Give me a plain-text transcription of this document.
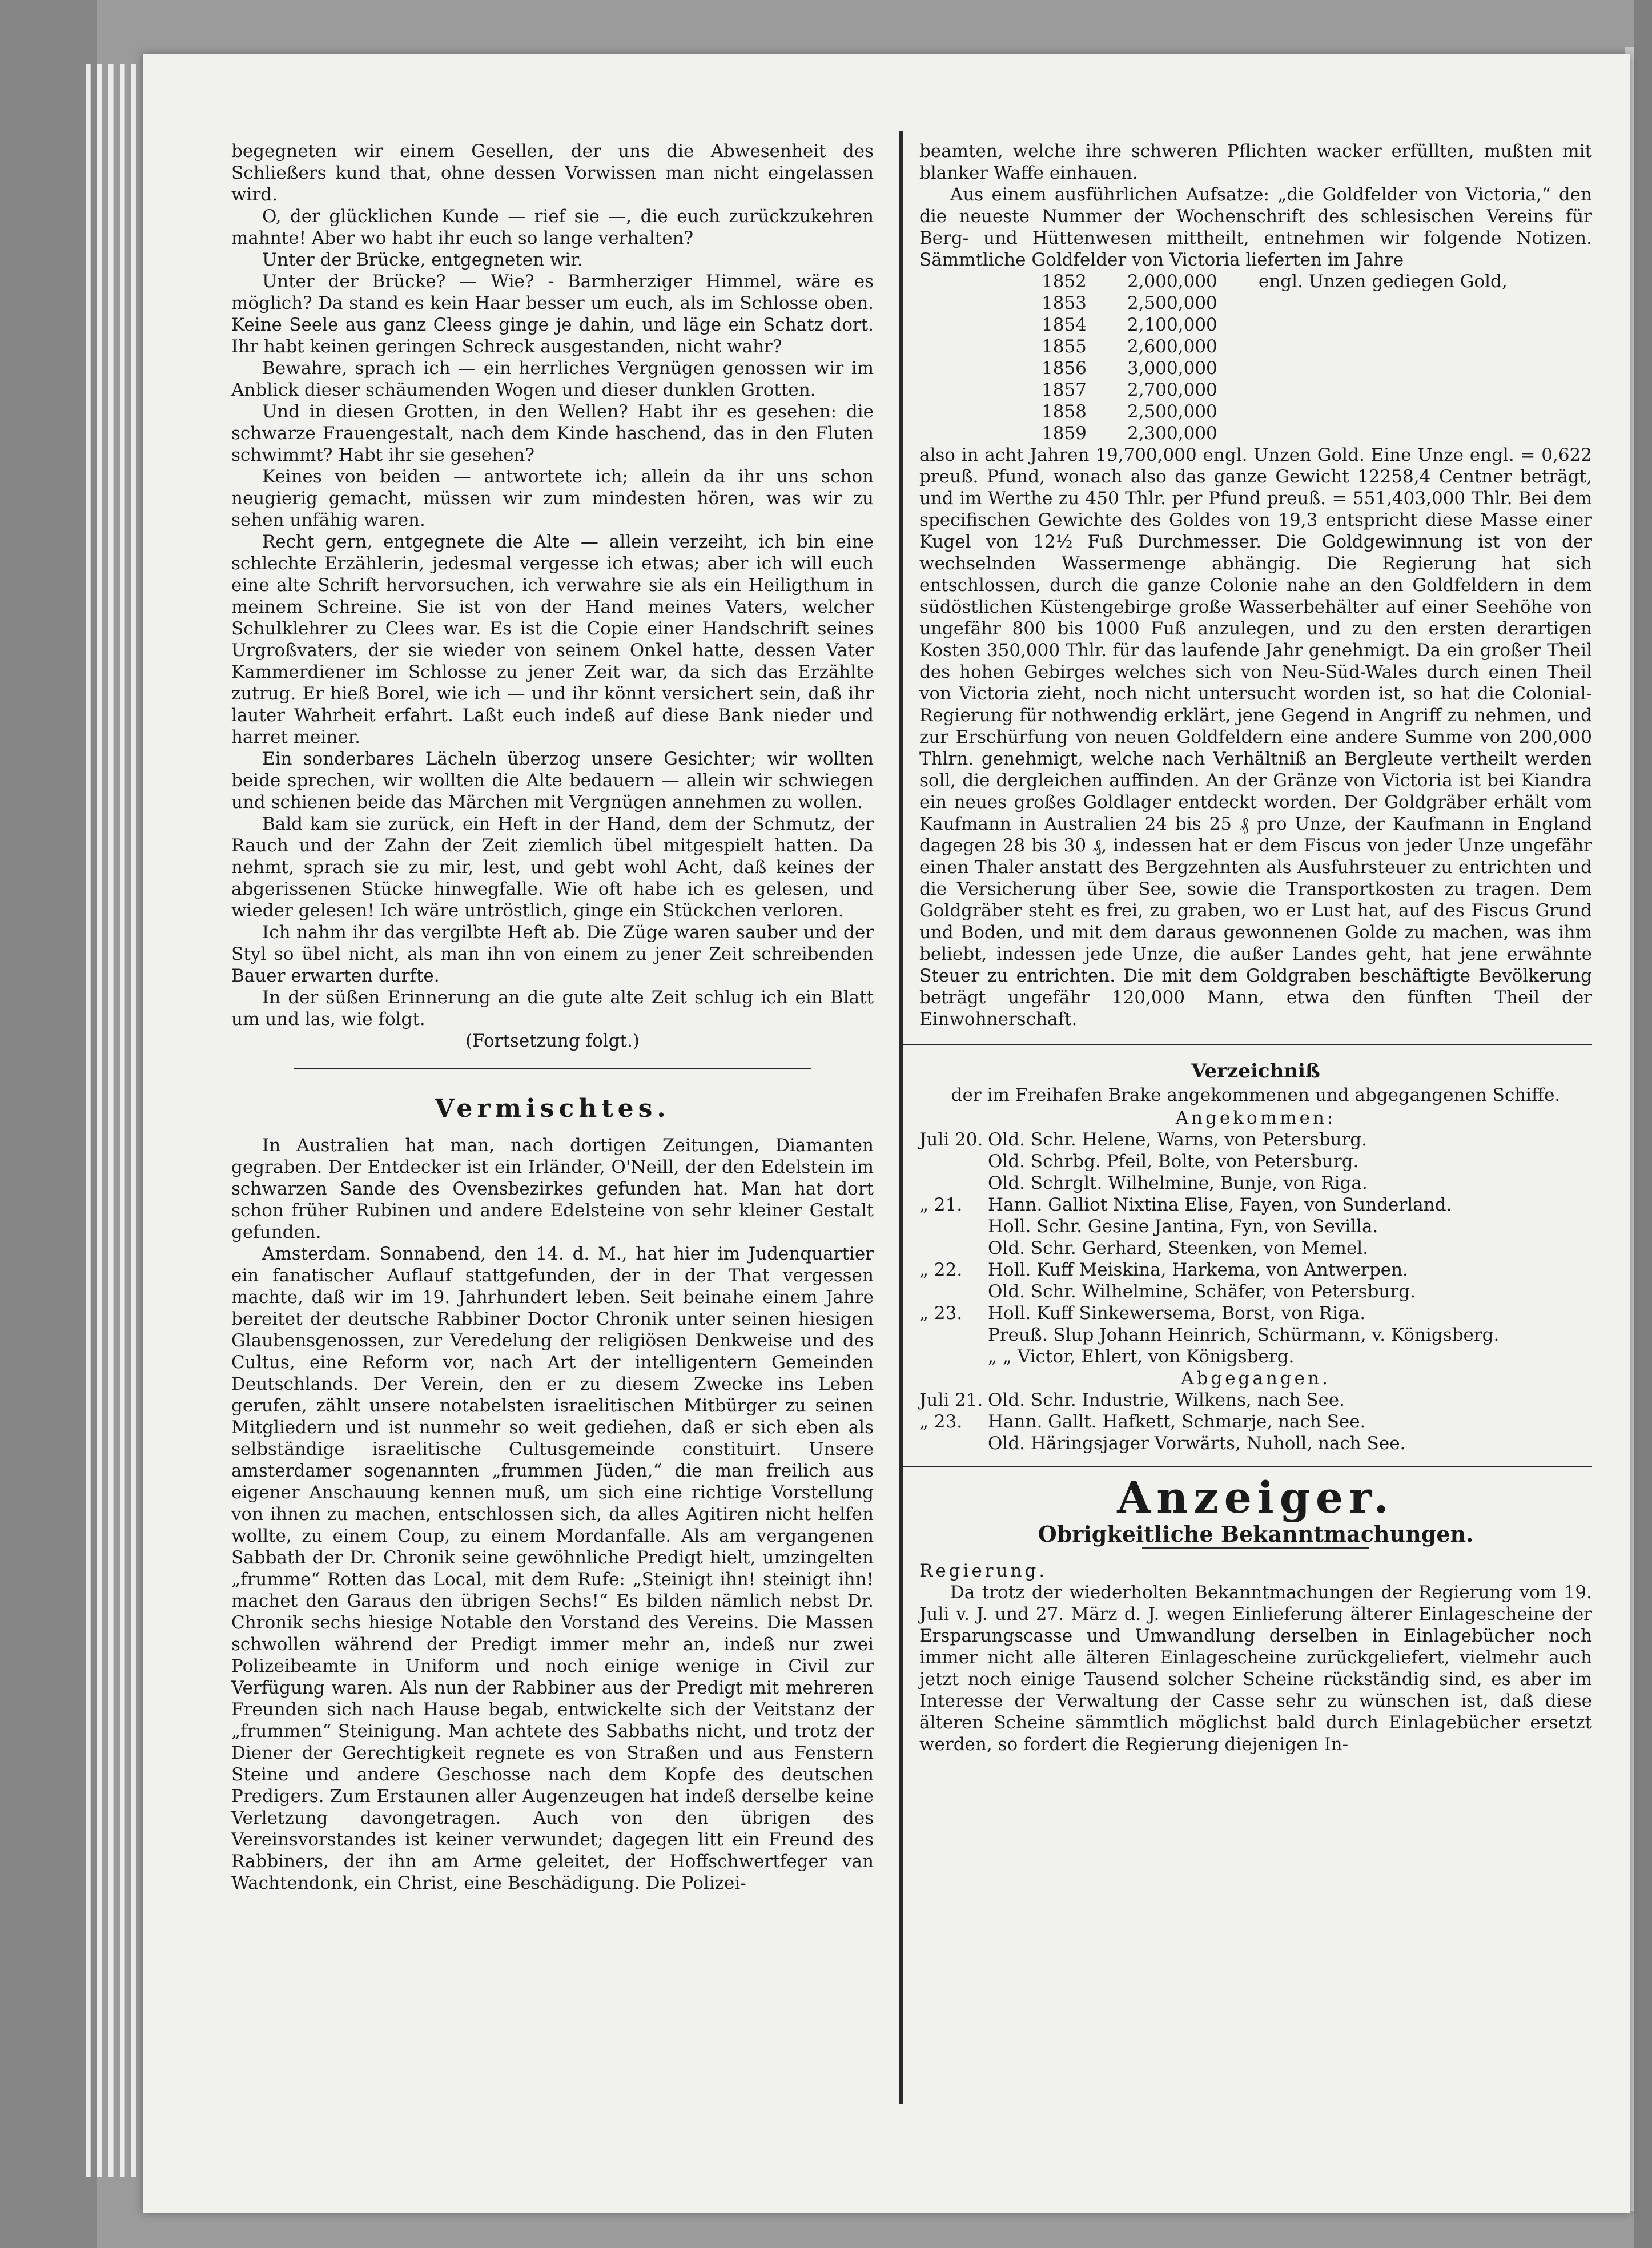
begegneten wir einem Gesellen, der uns die Abwesenheit des Schließers kund that, ohne dessen Vorwissen man nicht eingelassen wird.

O, der glücklichen Kunde — rief sie —, die euch zurückzukehren mahnte! Aber wo habt ihr euch so lange verhalten?

Unter der Brücke, entgegneten wir.

Unter der Brücke? — Wie? - Barmherziger Himmel, wäre es möglich? Da stand es kein Haar besser um euch, als im Schlosse oben. Keine Seele aus ganz Cleess ginge je dahin, und läge ein Schatz dort. Ihr habt keinen geringen Schreck ausgestanden, nicht wahr?

Bewahre, sprach ich — ein herrliches Vergnügen genossen wir im Anblick dieser schäumenden Wogen und dieser dunklen Grotten.

Und in diesen Grotten, in den Wellen? Habt ihr es gesehen: die schwarze Frauengestalt, nach dem Kinde haschend, das in den Fluten schwimmt? Habt ihr sie gesehen?

Keines von beiden — antwortete ich; allein da ihr uns schon neugierig gemacht, müssen wir zum mindesten hören, was wir zu sehen unfähig waren.

Recht gern, entgegnete die Alte — allein verzeiht, ich bin eine schlechte Erzählerin, jedesmal vergesse ich etwas; aber ich will euch eine alte Schrift hervorsuchen, ich verwahre sie als ein Heiligthum in meinem Schreine. Sie ist von der Hand meines Vaters, welcher Schulklehrer zu Clees war. Es ist die Copie einer Handschrift seines Urgroßvaters, der sie wieder von seinem Onkel hatte, dessen Vater Kammerdiener im Schlosse zu jener Zeit war, da sich das Erzählte zutrug. Er hieß Borel, wie ich — und ihr könnt versichert sein, daß ihr lauter Wahrheit erfahrt. Laßt euch indeß auf diese Bank nieder und harret meiner.

Ein sonderbares Lächeln überzog unsere Gesichter; wir wollten beide sprechen, wir wollten die Alte bedauern — allein wir schwiegen und schienen beide das Märchen mit Vergnügen annehmen zu wollen.

Bald kam sie zurück, ein Heft in der Hand, dem der Schmutz, der Rauch und der Zahn der Zeit ziemlich übel mitgespielt hatten. Da nehmt, sprach sie zu mir, lest, und gebt wohl Acht, daß keines der abgerissenen Stücke hinwegfalle. Wie oft habe ich es gelesen, und wieder gelesen! Ich wäre untröstlich, ginge ein Stückchen verloren.

Ich nahm ihr das vergilbte Heft ab. Die Züge waren sauber und der Styl so übel nicht, als man ihn von einem zu jener Zeit schreibenden Bauer erwarten durfte.

In der süßen Erinnerung an die gute alte Zeit schlug ich ein Blatt um und las, wie folgt.

(Fortsetzung folgt.)

Vermischtes.

In Australien hat man, nach dortigen Zeitungen, Diamanten gegraben. Der Entdecker ist ein Irländer, O'Neill, der den Edelstein im schwarzen Sande des Ovensbezirkes gefunden hat. Man hat dort schon früher Rubinen und andere Edelsteine von sehr kleiner Gestalt gefunden.

Amsterdam. Sonnabend, den 14. d. M., hat hier im Judenquartier ein fanatischer Auflauf stattgefunden, der in der That vergessen machte, daß wir im 19. Jahrhundert leben. Seit beinahe einem Jahre bereitet der deutsche Rabbiner Doctor Chronik unter seinen hiesigen Glaubensgenossen, zur Veredelung der religiösen Denkweise und des Cultus, eine Reform vor, nach Art der intelligentern Gemeinden Deutschlands. Der Verein, den er zu diesem Zwecke ins Leben gerufen, zählt unsere notabelsten israelitischen Mitbürger zu seinen Mitgliedern und ist nunmehr so weit gediehen, daß er sich eben als selbständige israelitische Cultusgemeinde constituirt. Unsere amsterdamer sogenannten „frummen Jüden,“ die man freilich aus eigener Anschauung kennen muß, um sich eine richtige Vorstellung von ihnen zu machen, entschlossen sich, da alles Agitiren nicht helfen wollte, zu einem Coup, zu einem Mordanfalle. Als am vergangenen Sabbath der Dr. Chronik seine gewöhnliche Predigt hielt, umzingelten „frumme“ Rotten das Local, mit dem Rufe: „Steinigt ihn! steinigt ihn! machet den Garaus den übrigen Sechs!“ Es bilden nämlich nebst Dr. Chronik sechs hiesige Notable den Vorstand des Vereins. Die Massen schwollen während der Predigt immer mehr an, indeß nur zwei Polizeibeamte in Uniform und noch einige wenige in Civil zur Verfügung waren. Als nun der Rabbiner aus der Predigt mit mehreren Freunden sich nach Hause begab, entwickelte sich der Veitstanz der „frummen“ Steinigung. Man achtete des Sabbaths nicht, und trotz der Diener der Gerechtigkeit regnete es von Straßen und aus Fenstern Steine und andere Geschosse nach dem Kopfe des deutschen Predigers. Zum Erstaunen aller Augenzeugen hat indeß derselbe keine Verletzung davongetragen. Auch von den übrigen des Vereinsvorstandes ist keiner verwundet; dagegen litt ein Freund des Rabbiners, der ihn am Arme geleitet, der Hoffschwertfeger van Wachtendonk, ein Christ, eine Beschädigung. Die Polizei-

beamten, welche ihre schweren Pflichten wacker erfüllten, mußten mit blanker Waffe einhauen.

Aus einem ausführlichen Aufsatze: „die Goldfelder von Victoria,“ den die neueste Nummer der Wochenschrift des schlesischen Vereins für Berg- und Hüttenwesen mittheilt, entnehmen wir folgende Notizen. Sämmtliche Goldfelder von Victoria lieferten im Jahre

1852	2,000,000	engl. Unzen gediegen Gold,
1853	2,500,000
1854	2,100,000
1855	2,600,000
1856	3,000,000
1857	2,700,000
1858	2,500,000
1859	2,300,000

also in acht Jahren 19,700,000 engl. Unzen Gold. Eine Unze engl. = 0,622 preuß. Pfund, wonach also das ganze Gewicht 12258,4 Centner beträgt, und im Werthe zu 450 Thlr. per Pfund preuß. = 551,403,000 Thlr. Bei dem specifischen Gewichte des Goldes von 19,3 entspricht diese Masse einer Kugel von 12½ Fuß Durchmesser. Die Goldgewinnung ist von der wechselnden Wassermenge abhängig. Die Regierung hat sich entschlossen, durch die ganze Colonie nahe an den Goldfeldern in dem südöstlichen Küstengebirge große Wasserbehälter auf einer Seehöhe von ungefähr 800 bis 1000 Fuß anzulegen, und zu den ersten derartigen Kosten 350,000 Thlr. für das laufende Jahr genehmigt. Da ein großer Theil des hohen Gebirges welches sich von Neu-Süd-Wales durch einen Theil von Victoria zieht, noch nicht untersucht worden ist, so hat die Colonial-Regierung für nothwendig erklärt, jene Gegend in Angriff zu nehmen, und zur Erschürfung von neuen Goldfeldern eine andere Summe von 200,000 Thlrn. genehmigt, welche nach Verhältniß an Bergleute vertheilt werden soll, die dergleichen auffinden. An der Gränze von Victoria ist bei Kiandra ein neues großes Goldlager entdeckt worden. Der Goldgräber erhält vom Kaufmann in Australien 24 bis 25 ₰ pro Unze, der Kaufmann in England dagegen 28 bis 30 ₰, indessen hat er dem Fiscus von jeder Unze ungefähr einen Thaler anstatt des Bergzehnten als Ausfuhrsteuer zu entrichten und die Versicherung über See, sowie die Transportkosten zu tragen. Dem Goldgräber steht es frei, zu graben, wo er Lust hat, auf des Fiscus Grund und Boden, und mit dem daraus gewonnenen Golde zu machen, was ihm beliebt, indessen jede Unze, die außer Landes geht, hat jene erwähnte Steuer zu entrichten. Die mit dem Goldgraben beschäftigte Bevölkerung beträgt ungefähr 120,000 Mann, etwa den fünften Theil der Einwohnerschaft.

Verzeichniß

der im Freihafen Brake angekommenen und abgegangenen Schiffe.

Angekommen:

Juli 20. Old. Schr. Helene, Warns, von Petersburg.
Old. Schrbg. Pfeil, Bolte, von Petersburg.
Old. Schrglt. Wilhelmine, Bunje, von Riga.
„ 21.	Hann. Galliot Nixtina Elise, Fayen, von Sunderland.
Holl. Schr. Gesine Jantina, Fyn, von Sevilla.
Old. Schr. Gerhard, Steenken, von Memel.
„ 22.	Holl. Kuff Meiskina, Harkema, von Antwerpen.
Old. Schr. Wilhelmine, Schäfer, von Petersburg.
„ 23.	Holl. Kuff Sinkewersema, Borst, von Riga.
Preuß. Slup Johann Heinrich, Schürmann, v. Königsberg.
„ „ Victor, Ehlert, von Königsberg.

Abgegangen.

Juli 21. Old. Schr. Industrie, Wilkens, nach See.
„ 23.	Hann. Gallt. Hafkett, Schmarje, nach See.
Old. Häringsjager Vorwärts, Nuholl, nach See.

Anzeiger.

Obrigkeitliche Bekanntmachungen.

Regierung.

Da trotz der wiederholten Bekanntmachungen der Regierung vom 19. Juli v. J. und 27. März d. J. wegen Einlieferung älterer Einlagescheine der Ersparungscasse und Umwandlung derselben in Einlagebücher noch immer nicht alle älteren Einlagescheine zurückgeliefert, vielmehr auch jetzt noch einige Tausend solcher Scheine rückständig sind, es aber im Interesse der Verwaltung der Casse sehr zu wünschen ist, daß diese älteren Scheine sämmtlich möglichst bald durch Einlagebücher ersetzt werden, so fordert die Regierung diejenigen In-
